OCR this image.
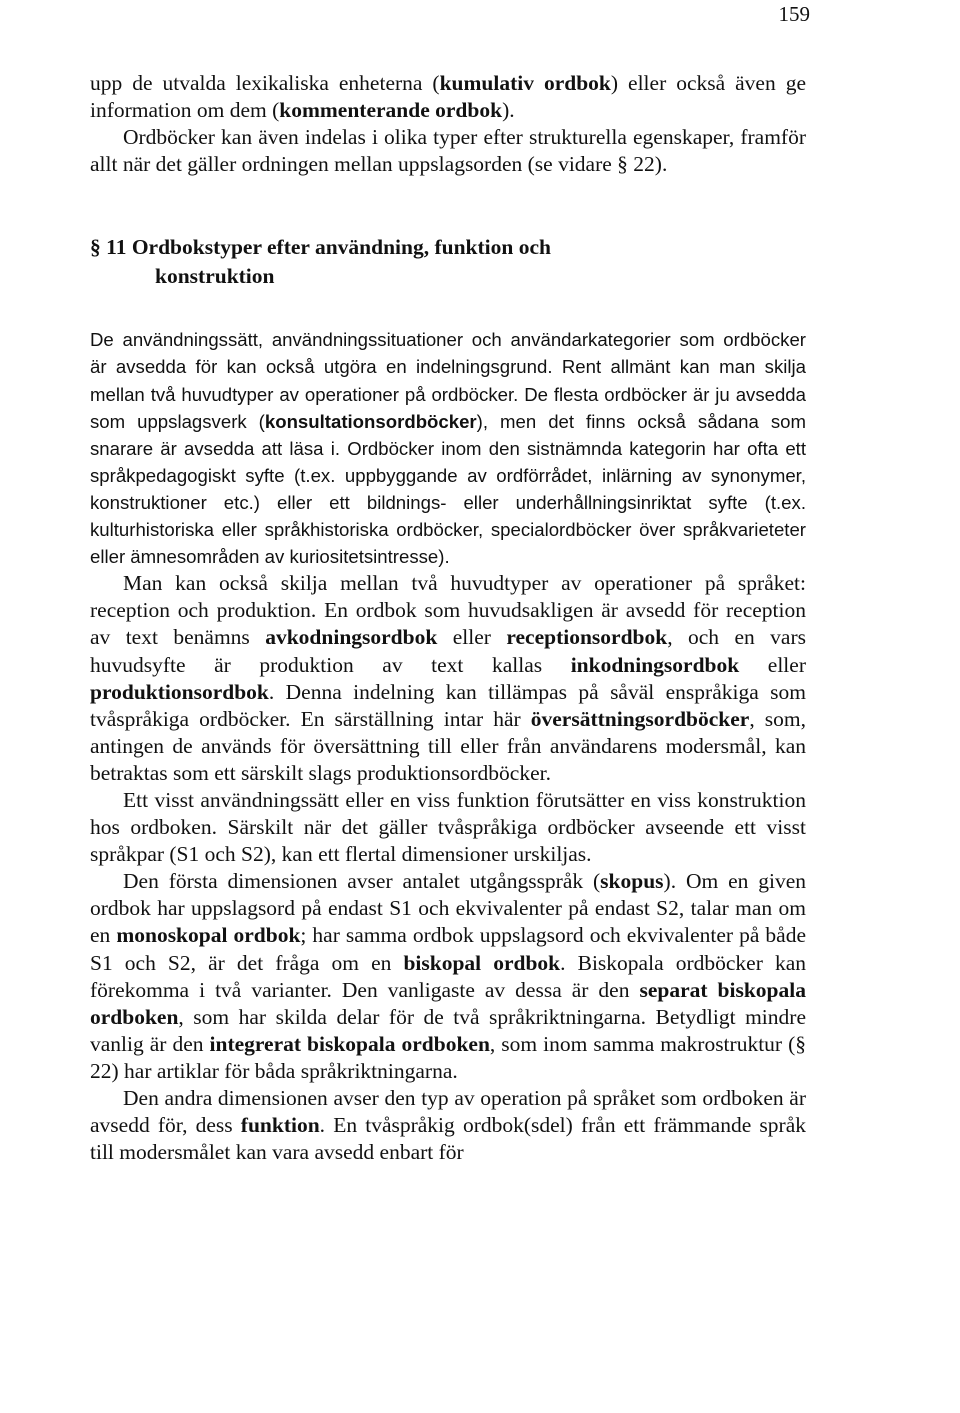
159

upp de utvalda lexikaliska enheterna (kumulativ ordbok) eller också även ge information om dem (kommenterande ordbok).

Ordböcker kan även indelas i olika typer efter strukturella egenskaper, framför allt när det gäller ordningen mellan uppslagsorden (se vidare § 22).

§ 11 Ordbokstyper efter användning, funktion och
konstruktion

De användningssätt, användningssituationer och användarkategorier som ordböcker är avsedda för kan också utgöra en indelningsgrund. Rent allmänt kan man skilja mellan två huvudtyper av operationer på ordböcker. De flesta ordböcker är ju avsedda som uppslagsverk (konsultationsordböcker), men det finns också sådana som snarare är avsedda att läsa i. Ordböcker inom den sistnämnda kategorin har ofta ett språkpedagogiskt syfte (t.ex. uppbyggande av ordförrådet, inlärning av synonymer, konstruktioner etc.) eller ett bildnings- eller underhållningsinriktat syfte (t.ex. kulturhistoriska eller språkhistoriska ordböcker, specialordböcker över språkvarieteter eller ämnesområden av kuriositetsintresse).

Man kan också skilja mellan två huvudtyper av operationer på språket: reception och produktion. En ordbok som huvudsakligen är avsedd för reception av text benämns avkodningsordbok eller receptionsordbok, och en vars huvudsyfte är produktion av text kallas inkodningsordbok eller produktionsordbok. Denna indelning kan tillämpas på såväl enspråkiga som tvåspråkiga ordböcker. En särställning intar här översättningsordböcker, som, antingen de används för översättning till eller från användarens modersmål, kan betraktas som ett särskilt slags produktionsordböcker.

Ett visst användningssätt eller en viss funktion förutsätter en viss konstruktion hos ordboken. Särskilt när det gäller tvåspråkiga ordböcker avseende ett visst språkpar (S1 och S2), kan ett flertal dimensioner urskiljas.

Den första dimensionen avser antalet utgångsspråk (skopus). Om en given ordbok har uppslagsord på endast S1 och ekvivalenter på endast S2, talar man om en monoskopal ordbok; har samma ordbok uppslagsord och ekvivalenter på både S1 och S2, är det fråga om en biskopal ordbok. Biskopala ordböcker kan förekomma i två varianter. Den vanligaste av dessa är den separat biskopala ordboken, som har skilda delar för de två språkriktningarna. Betydligt mindre vanlig är den integrerat biskopala ordboken, som inom samma makrostruktur (§ 22) har artiklar för båda språkriktningarna.

Den andra dimensionen avser den typ av operation på språket som ordboken är avsedd för, dess funktion. En tvåspråkig ordbok(sdel) från ett främmande språk till modersmålet kan vara avsedd enbart för
